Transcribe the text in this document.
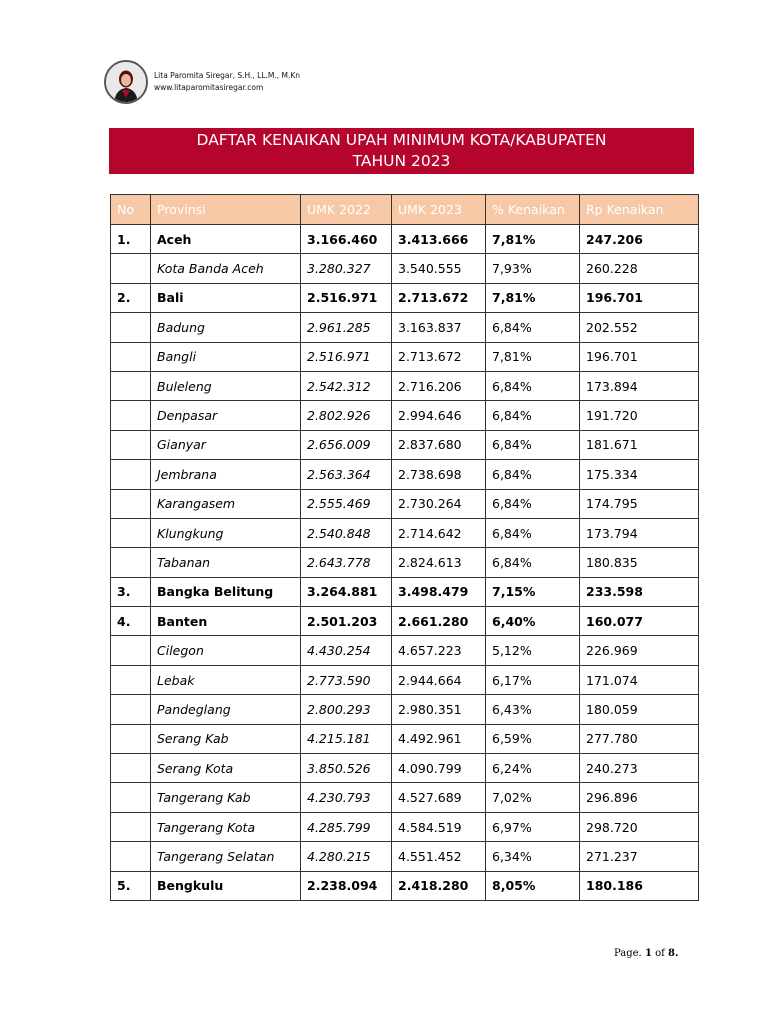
Lita Paromita Siregar, S.H., LL.M., M.Kn
www.litaparomitasiregar.com
DAFTAR KENAIKAN UPAH MINIMUM KOTA/KABUPATEN
TAHUN 2023
No	Provinsi	UMK 2022	UMK 2023	% Kenaikan	Rp Kenaikan
1.	Aceh	3.166.460	3.413.666	7,81%	247.206
	Kota Banda Aceh	3.280.327	3.540.555	7,93%	260.228
2.	Bali	2.516.971	2.713.672	7,81%	196.701
	Badung	2.961.285	3.163.837	6,84%	202.552
	Bangli	2.516.971	2.713.672	7,81%	196.701
	Buleleng	2.542.312	2.716.206	6,84%	173.894
	Denpasar	2.802.926	2.994.646	6,84%	191.720
	Gianyar	2.656.009	2.837.680	6,84%	181.671
	Jembrana	2.563.364	2.738.698	6,84%	175.334
	Karangasem	2.555.469	2.730.264	6,84%	174.795
	Klungkung	2.540.848	2.714.642	6,84%	173.794
	Tabanan	2.643.778	2.824.613	6,84%	180.835
3.	Bangka Belitung	3.264.881	3.498.479	7,15%	233.598
4.	Banten	2.501.203	2.661.280	6,40%	160.077
	Cilegon	4.430.254	4.657.223	5,12%	226.969
	Lebak	2.773.590	2.944.664	6,17%	171.074
	Pandeglang	2.800.293	2.980.351	6,43%	180.059
	Serang Kab	4.215.181	4.492.961	6,59%	277.780
	Serang Kota	3.850.526	4.090.799	6,24%	240.273
	Tangerang Kab	4.230.793	4.527.689	7,02%	296.896
	Tangerang Kota	4.285.799	4.584.519	6,97%	298.720
	Tangerang Selatan	4.280.215	4.551.452	6,34%	271.237
5.	Bengkulu	2.238.094	2.418.280	8,05%	180.186
Page. 1 of 8.
